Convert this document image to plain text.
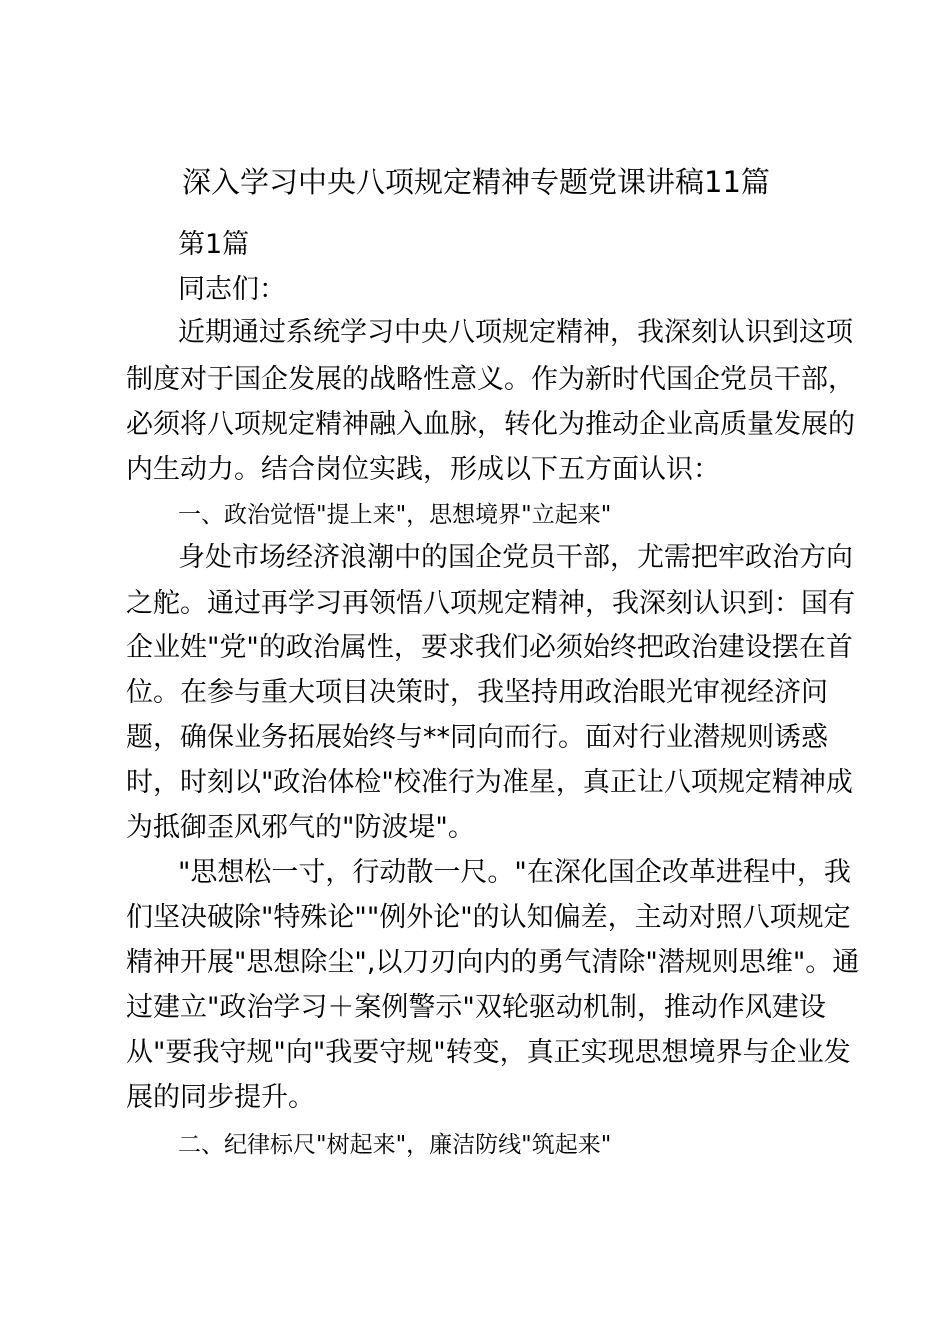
深入学习中央八项规定精神专题党课讲稿11篇
第1篇
同志们：
近期通过系统学习中央八项规定精神，我深刻认识到这项
制度对于国企发展的战略性意义。作为新时代国企党员干部，
必须将八项规定精神融入血脉，转化为推动企业高质量发展的
内生动力。结合岗位实践，形成以下五方面认识：
一、政治觉悟"提上来"，思想境界"立起来"
身处市场经济浪潮中的国企党员干部，尤需把牢政治方向
之舵。通过再学习再领悟八项规定精神，我深刻认识到：国有
企业姓"党"的政治属性，要求我们必须始终把政治建设摆在首
位。在参与重大项目决策时，我坚持用政治眼光审视经济问
题，确保业务拓展始终与**同向而行。面对行业潜规则诱惑
时，时刻以"政治体检"校准行为准星，真正让八项规定精神成
为抵御歪风邪气的"防波堤"。
"思想松一寸，行动散一尺。"在深化国企改革进程中，我
们坚决破除"特殊论""例外论"的认知偏差，主动对照八项规定
精神开展"思想除尘",以刀刃向内的勇气清除"潜规则思维"。通
过建立"政治学习＋案例警示"双轮驱动机制，推动作风建设
从"要我守规"向"我要守规"转变，真正实现思想境界与企业发
展的同步提升。
二、纪律标尺"树起来"，廉洁防线"筑起来"
